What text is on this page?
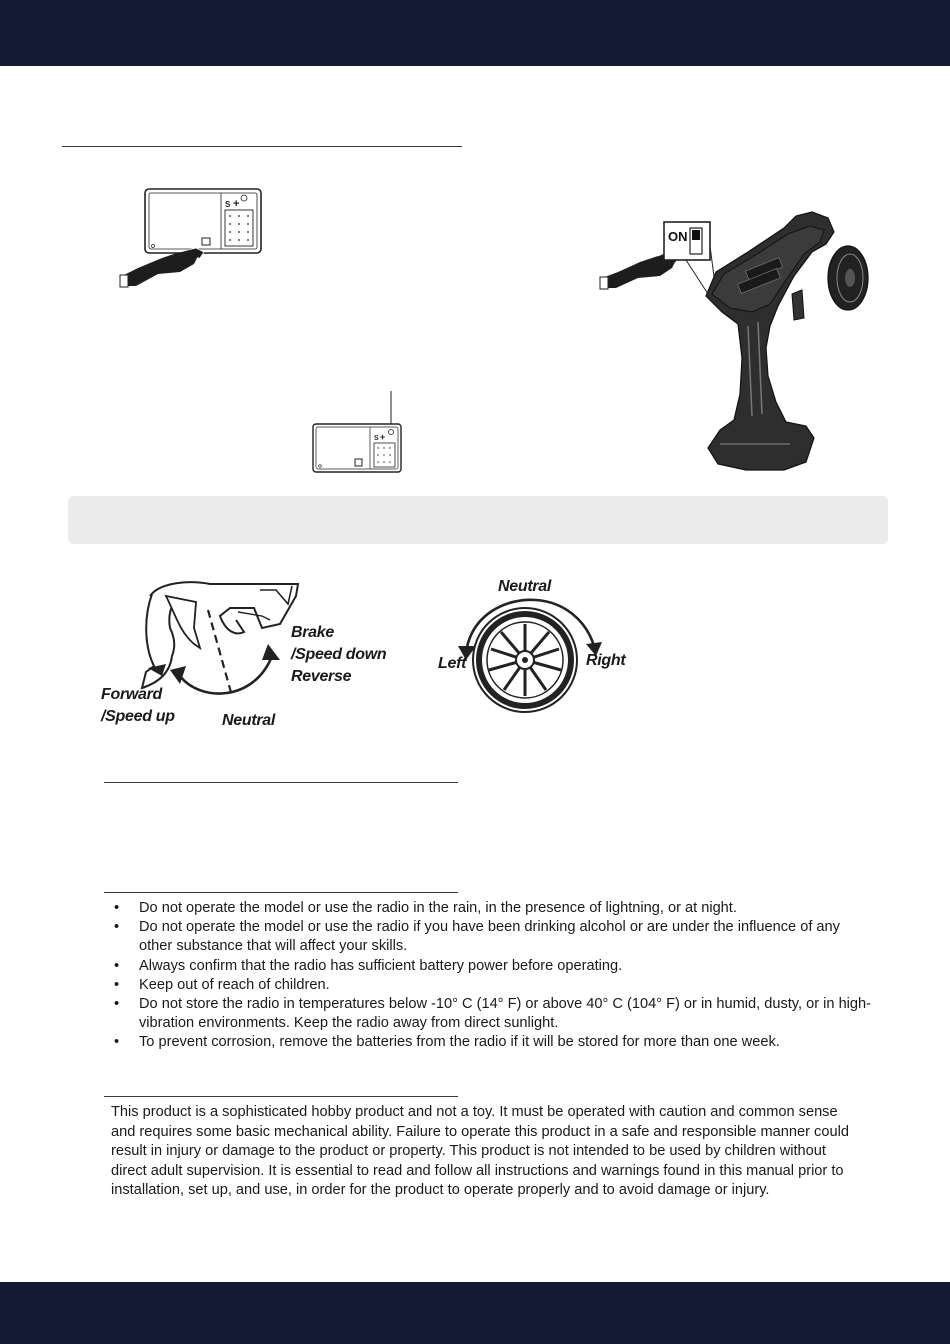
S +
S +
ON
Brake
/Speed down
Reverse
Forward
/Speed up	Neutral
Neutral
Left	Right
• Do not operate the model or use the radio in the rain, in the presence of lightning, or at night.
• Do not operate the model or use the radio if you have been drinking alcohol or are under the influence of any other substance that will affect your skills.
• Always confirm that the radio has sufficient battery power before operating.
• Keep out of reach of children.
• Do not store the radio in temperatures below -10° C (14° F) or above 40° C (104° F) or in humid, dusty, or in high-vibration environments. Keep the radio away from direct sunlight.
• To prevent corrosion, remove the batteries from the radio if it will be stored for more than one week.

This product is a sophisticated hobby product and not a toy. It must be operated with caution and common sense and requires some basic mechanical ability. Failure to operate this product in a safe and responsible manner could result in injury or damage to the product or property. This product is not intended to be used by children without direct adult supervision. It is essential to read and follow all instructions and warnings found in this manual prior to installation, set up, and use, in order for the product to operate properly and to avoid damage or injury.
